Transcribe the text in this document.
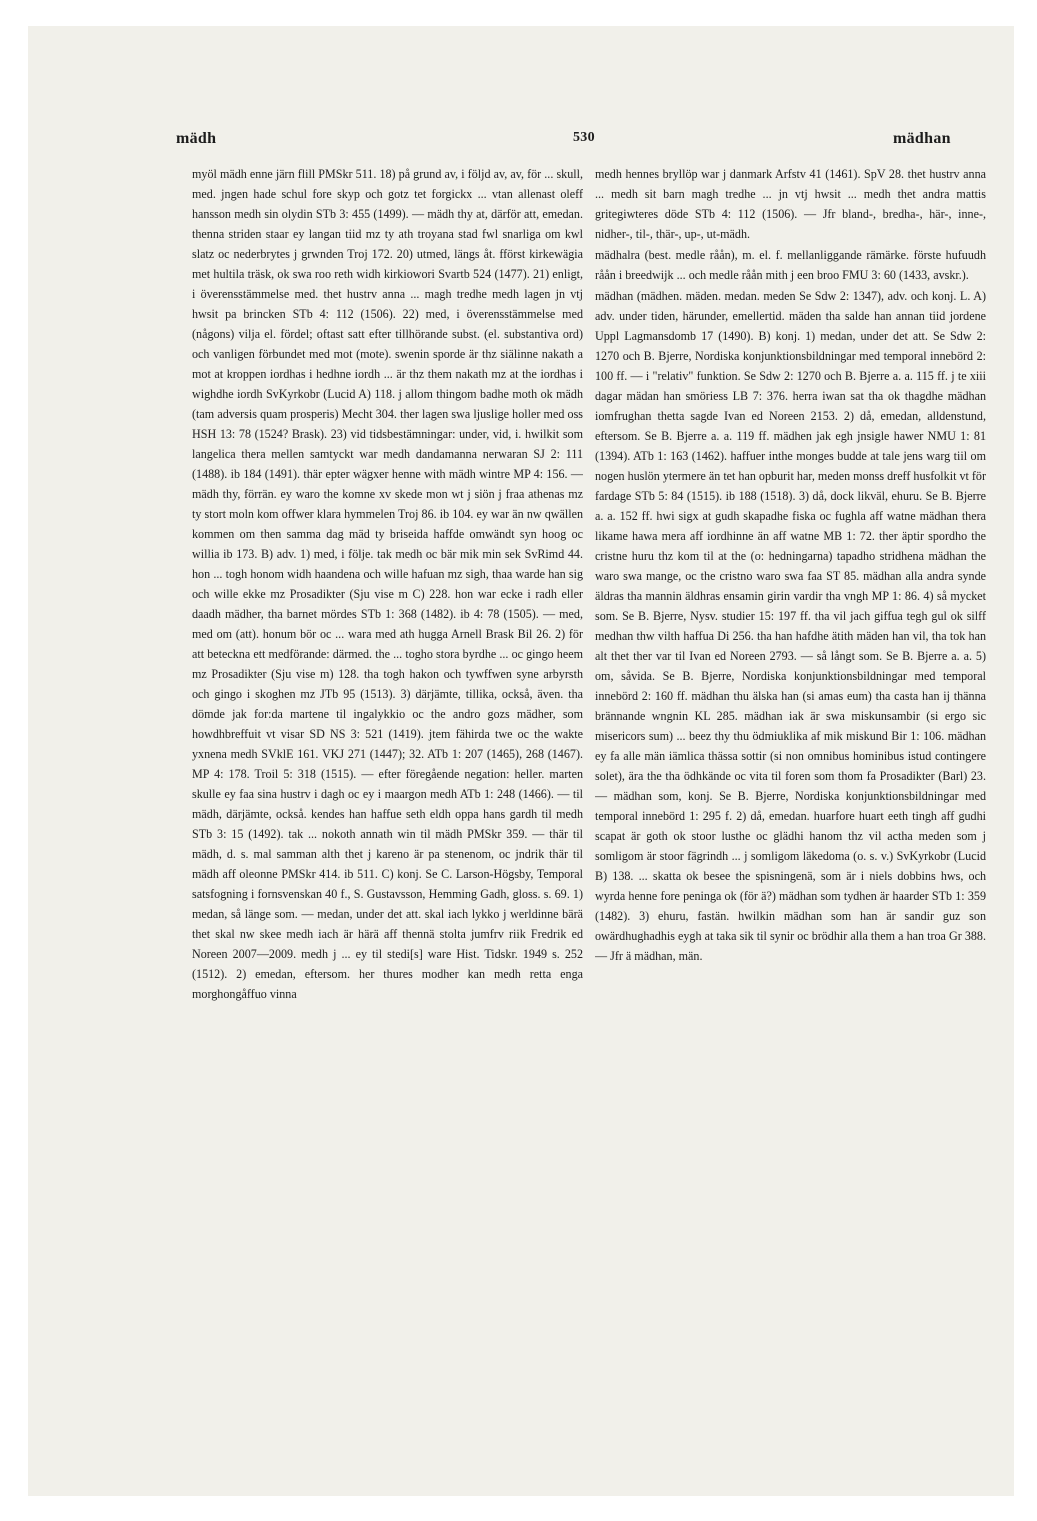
mädh	530	mädhan

myöl mädh enne järn flill PMSkr 511. 18) på grund av, i följd av, av, för ... skull, med. jngen hade schul fore skyp och gotz tet forgickx ... vtan allenast oleff hansson medh sin olydin STb 3: 455 (1499). — mädh thy at, därför att, emedan. thenna striden staar ey langan tiid mz ty ath troyana stad fwl snarliga om kwl slatz oc nederbrytes j grwnden Troj 172. 20) utmed, längs åt. fförst kirkewägia met hultila träsk, ok swa roo reth widh kirkiowori Svartb 524 (1477). 21) enligt, i överensstämmelse med. thet hustrv anna ... magh tredhe medh lagen jn vtj hwsit pa brincken STb 4: 112 (1506). 22) med, i överensstämmelse med (någons) vilja el. fördel; oftast satt efter tillhörande subst. (el. substantiva ord) och vanligen förbundet med mot (mote). swenin sporde är thz siälinne nakath a mot at kroppen iordhas i hedhne iordh ... är thz them nakath mz at the iordhas i wighdhe iordh SvKyrkobr (Lucid A) 118. j allom thingom badhe moth ok mädh (tam adversis quam prosperis) Mecht 304. ther lagen swa ljuslige holler med oss HSH 13: 78 (1524? Brask). 23) vid tidsbestämningar: under, vid, i. hwilkit som langelica thera mellen samtyckt war medh dandamanna nerwaran SJ 2: 111 (1488). ib 184 (1491). thär epter wägxer henne with mädh wintre MP 4: 156. — mädh thy, förrän. ey waro the komne xv skede mon wt j siön j fraa athenas mz ty stort moln kom offwer klara hymmelen Troj 86. ib 104. ey war än nw qwällen kommen om then samma dag mäd ty briseida haffde omwändt syn hoog oc willia ib 173. B) adv. 1) med, i följe. tak medh oc bär mik min sek SvRimd 44. hon ... togh honom widh haandena och wille hafuan mz sigh, thaa warde han sig och wille ekke mz Prosadikter (Sju vise m C) 228. hon war ecke i radh eller daadh mädher, tha barnet mördes STb 1: 368 (1482). ib 4: 78 (1505). — med, med om (att). honum bör oc ... wara med ath hugga Arnell Brask Bil 26. 2) för att beteckna ett medförande: därmed. the ... togho stora byrdhe ... oc gingo heem mz Prosadikter (Sju vise m) 128. tha togh hakon och tywffwen syne arbyrsth och gingo i skoghen mz JTb 95 (1513). 3) därjämte, tillika, också, även. tha dömde jak for:da martene til ingalykkio oc the andro gozs mädher, som howdhbreffuit vt visar SD NS 3: 521 (1419). jtem fähirda twe oc the wakte yxnena medh SVklE 161. VKJ 271 (1447); 32. ATb 1: 207 (1465), 268 (1467). MP 4: 178. Troil 5: 318 (1515). — efter föregående negation: heller. marten skulle ey faa sina hustrv i dagh oc ey i maargon medh ATb 1: 248 (1466). — til mädh, därjämte, också. kendes han haffue seth eldh oppa hans gardh til medh STb 3: 15 (1492). tak ... nokoth annath win til mädh PMSkr 359. — thär til mädh, d. s. mal samman alth thet j kareno är pa stenenom, oc jndrik thär til mädh aff oleonne PMSkr 414. ib 511. C) konj. Se C. Larson-Högsby, Temporal satsfogning i fornsvenskan 40 f., S. Gustavsson, Hemming Gadh, gloss. s. 69. 1) medan, så länge som. — medan, under det att. skal iach lykko j werldinne bärä thet skal nw skee medh iach är härä aff thennä stolta jumfrv riik Fredrik ed Noreen 2007—2009. medh j ... ey til stedi[s] ware Hist. Tidskr. 1949 s. 252 (1512). 2) emedan, eftersom. her thures modher kan medh retta enga morghongåffuo vinna

medh hennes bryllöp war j danmark Arfstv 41 (1461). SpV 28. thet hustrv anna ... medh sit barn magh tredhe ... jn vtj hwsit ... medh thet andra mattis gritegiwteres döde STb 4: 112 (1506). — Jfr bland-, bredha-, här-, inne-, nidher-, til-, thär-, up-, ut-mädh.

mädhalra (best. medle råån), m. el. f. mellanliggande rämärke. förste hufuudh råån i breedwijk ... och medle råån mith j een broo FMU 3: 60 (1433, avskr.).

mädhan (mädhen. mäden. medan. meden Se Sdw 2: 1347), adv. och konj. L. A) adv. under tiden, härunder, emellertid. mäden tha salde han annan tiid jordene Uppl Lagmansdomb 17 (1490). B) konj. 1) medan, under det att. Se Sdw 2: 1270 och B. Bjerre, Nordiska konjunktionsbildningar med temporal innebörd 2: 100 ff. — i "relativ" funktion. Se Sdw 2: 1270 och B. Bjerre a. a. 115 ff. j te xiii dagar mädan han smöriess LB 7: 376. herra iwan sat tha ok thagdhe mädhan iomfrughan thetta sagde Ivan ed Noreen 2153. 2) då, emedan, alldenstund, eftersom. Se B. Bjerre a. a. 119 ff. mädhen jak egh jnsigle hawer NMU 1: 81 (1394). ATb 1: 163 (1462). haffuer inthe monges budde at tale jens warg tiil om nogen huslön ytermere än tet han opburit har, meden monss dreff husfolkit vt för fardage STb 5: 84 (1515). ib 188 (1518). 3) då, dock likväl, ehuru. Se B. Bjerre a. a. 152 ff. hwi sigx at gudh skapadhe fiska oc fughla aff watne mädhan thera likame hawa mera aff iordhinne än aff watne MB 1: 72. ther äptir spordho the cristne huru thz kom til at the (o: hedningarna) tapadho stridhena mädhan the waro swa mange, oc the cristno waro swa faa ST 85. mädhan alla andra synde äldras tha mannin äldhras ensamin girin vardir tha vngh MP 1: 86. 4) så mycket som. Se B. Bjerre, Nysv. studier 15: 197 ff. tha vil jach giffua tegh gul ok silff medhan thw vilth haffua Di 256. tha han hafdhe ätith mäden han vil, tha tok han alt thet ther var til Ivan ed Noreen 2793. — så långt som. Se B. Bjerre a. a. 5) om, såvida. Se B. Bjerre, Nordiska konjunktionsbildningar med temporal innebörd 2: 160 ff. mädhan thu älska han (si amas eum) tha casta han ij thänna brännande wngnin KL 285. mädhan iak är swa miskunsambir (si ergo sic misericors sum) ... beez thy thu ödmiuklika af mik miskund Bir 1: 106. mädhan ey fa alle män iämlica thässa sottir (si non omnibus hominibus istud contingere solet), ära the tha ödhkände oc vita til foren som thom fa Prosadikter (Barl) 23. — mädhan som, konj. Se B. Bjerre, Nordiska konjunktionsbildningar med temporal innebörd 1: 295 f. 2) då, emedan. huarfore huart eeth tingh aff gudhi scapat är goth ok stoor lusthe oc glädhi hanom thz vil actha meden som j somligom är stoor fägrindh ... j somligom läkedoma (o. s. v.) SvKyrkobr (Lucid B) 138. ... skatta ok besee the spisningenä, som är i niels dobbins hws, och wyrda henne fore peninga ok (för ä?) mädhan som tydhen är haarder STb 1: 359 (1482). 3) ehuru, fastän. hwilkin mädhan som han är sandir guz son owärdhughadhis eygh at taka sik til synir oc brödhir alla them a han troa Gr 388. — Jfr ä mädhan, män.
